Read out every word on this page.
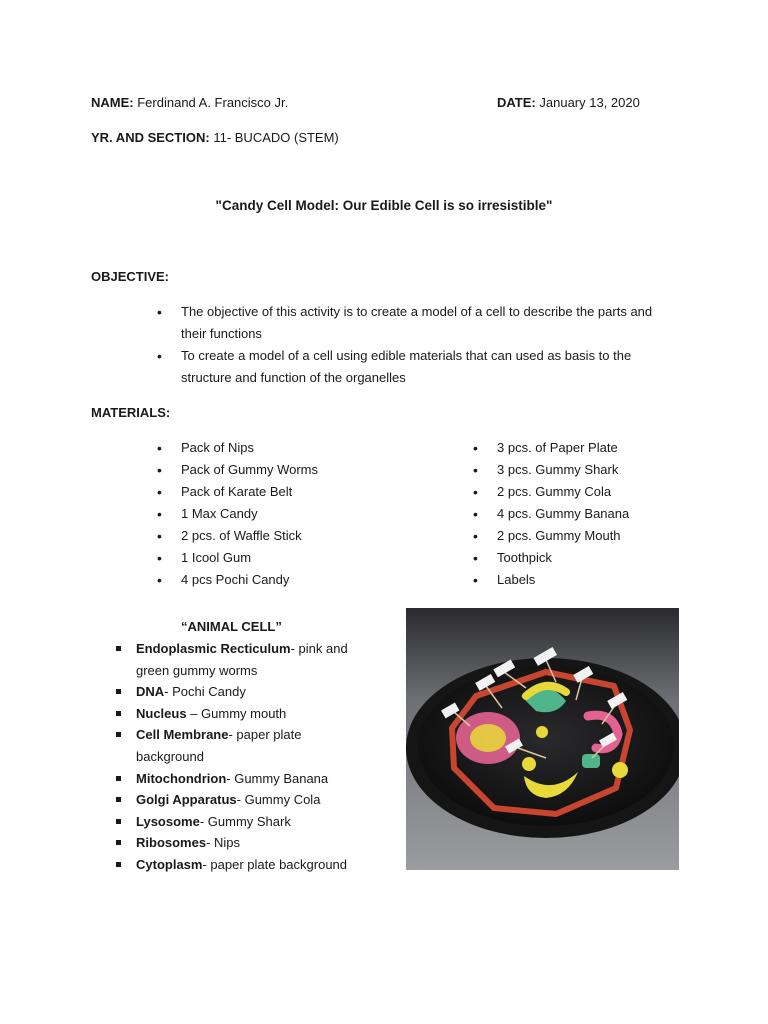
NAME: Ferdinand A. Francisco Jr.	DATE: January 13, 2020
YR. AND SECTION: 11- BUCADO (STEM)
"Candy Cell Model: Our Edible Cell is so irresistible"
OBJECTIVE:
• The objective of this activity is to create a model of a cell to describe the parts and their functions
• To create a model of a cell using edible materials that can used as basis to the structure and function of the organelles
MATERIALS:
• Pack of Nips
• Pack of Gummy Worms
• Pack of Karate Belt
• 1 Max Candy
• 2 pcs. of Waffle Stick
• 1 Icool Gum
• 4 pcs Pochi Candy
• 3 pcs. of Paper Plate
• 3 pcs. Gummy Shark
• 2 pcs. Gummy Cola
• 4 pcs. Gummy Banana
• 2 pcs. Gummy Mouth
• Toothpick
• Labels
“ANIMAL CELL”
Endoplasmic Recticulum- pink and green gummy worms
DNA- Pochi Candy
Nucleus – Gummy mouth
Cell Membrane- paper plate background
Mitochondrion- Gummy Banana
Golgi Apparatus- Gummy Cola
Lysosome- Gummy Shark
Ribosomes- Nips
Cytoplasm- paper plate background
